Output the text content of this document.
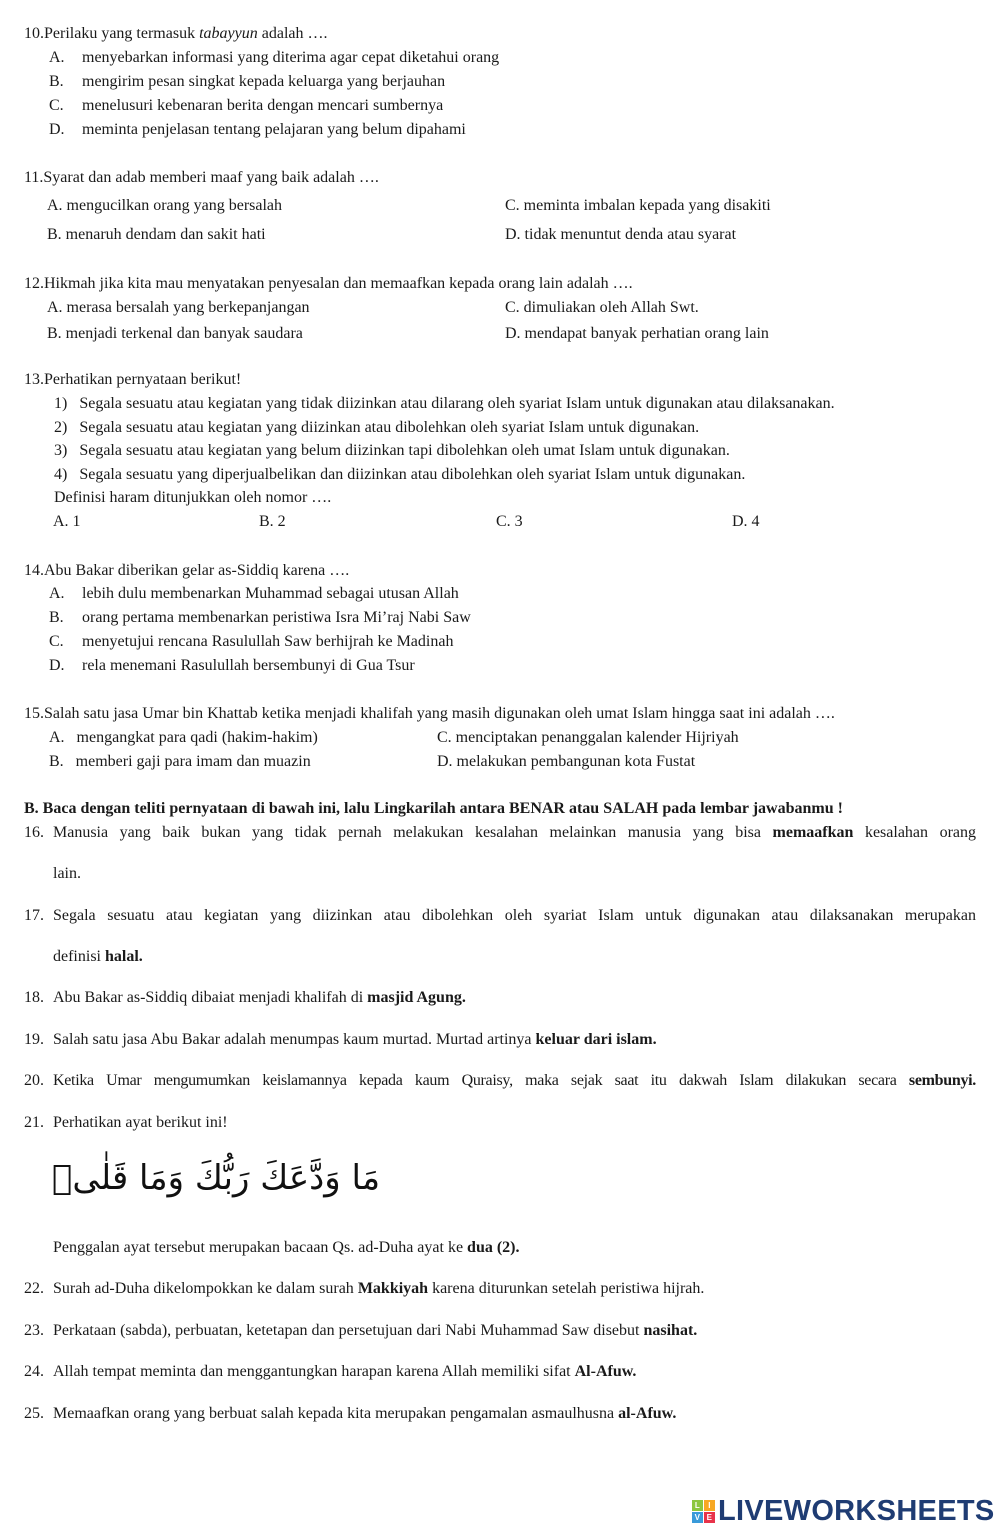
10.Perilaku yang termasuk tabayyun adalah ….
A. menyebarkan informasi yang diterima agar cepat diketahui orang
B. mengirim pesan singkat kepada keluarga yang berjauhan
C. menelusuri kebenaran berita dengan mencari sumbernya
D. meminta penjelasan tentang pelajaran yang belum dipahami
11.Syarat dan adab memberi maaf yang baik adalah ….
A. mengucilkan orang yang bersalah	C. meminta imbalan kepada yang disakiti
B. menaruh dendam dan sakit hati	D. tidak menuntut denda atau syarat
12.Hikmah jika kita mau menyatakan penyesalan dan memaafkan kepada orang lain adalah ….
A. merasa bersalah yang berkepanjangan	C. dimuliakan oleh Allah Swt.
B. menjadi terkenal dan banyak saudara	D. mendapat banyak perhatian orang lain
13.Perhatikan pernyataan berikut!
1)   Segala sesuatu atau kegiatan yang tidak diizinkan atau dilarang oleh syariat Islam untuk digunakan atau dilaksanakan.
2)   Segala sesuatu atau kegiatan yang diizinkan atau dibolehkan oleh syariat Islam untuk digunakan.
3)   Segala sesuatu atau kegiatan yang belum diizinkan tapi dibolehkan oleh umat Islam untuk digunakan.
4)   Segala sesuatu yang diperjualbelikan dan diizinkan atau dibolehkan oleh syariat Islam untuk digunakan.
Definisi haram ditunjukkan oleh nomor ….
A. 1	B. 2	C. 3	D. 4
14.Abu Bakar diberikan gelar as-Siddiq karena ….
A. lebih dulu membenarkan Muhammad sebagai utusan Allah
B. orang pertama membenarkan peristiwa Isra Mi’raj Nabi Saw
C. menyetujui rencana Rasulullah Saw berhijrah ke Madinah
D. rela menemani Rasulullah bersembunyi di Gua Tsur
15.Salah satu jasa Umar bin Khattab ketika menjadi khalifah yang masih digunakan oleh umat Islam hingga saat ini adalah ….
A.   mengangkat para qadi (hakim-hakim)	C. menciptakan penanggalan kalender Hijriyah
B.   memberi gaji para imam dan muazin	D. melakukan pembangunan kota Fustat
B. Baca dengan teliti pernyataan di bawah ini, lalu Lingkarilah antara BENAR atau SALAH pada lembar jawabanmu !
16. Manusia yang baik bukan yang tidak pernah melakukan kesalahan melainkan manusia yang bisa memaafkan kesalahan orang
lain.
17. Segala sesuatu atau kegiatan yang diizinkan atau dibolehkan oleh syariat Islam untuk digunakan atau dilaksanakan merupakan
definisi halal.
18. Abu Bakar as-Siddiq dibaiat menjadi khalifah di masjid Agung.
19. Salah satu jasa Abu Bakar adalah menumpas kaum murtad. Murtad artinya keluar dari islam.
20. Ketika Umar mengumumkan keislamannya kepada kaum Quraisy, maka sejak saat itu dakwah Islam dilakukan secara sembunyi.
21. Perhatikan ayat berikut ini!
مَا وَدَّعَكَ رَبُّكَ وَمَا قَلٰىۗ
Penggalan ayat tersebut merupakan bacaan Qs. ad-Duha ayat ke dua (2).
22. Surah ad-Duha dikelompokkan ke dalam surah Makkiyah karena diturunkan setelah peristiwa hijrah.
23. Perkataan (sabda), perbuatan, ketetapan dan persetujuan dari Nabi Muhammad Saw disebut nasihat.
24. Allah tempat meminta dan menggantungkan harapan karena Allah memiliki sifat Al-Afuw.
25. Memaafkan orang yang berbuat salah kepada kita merupakan pengamalan asmaulhusna al-Afuw.
L	I
V E LIVEWORKSHEETS
